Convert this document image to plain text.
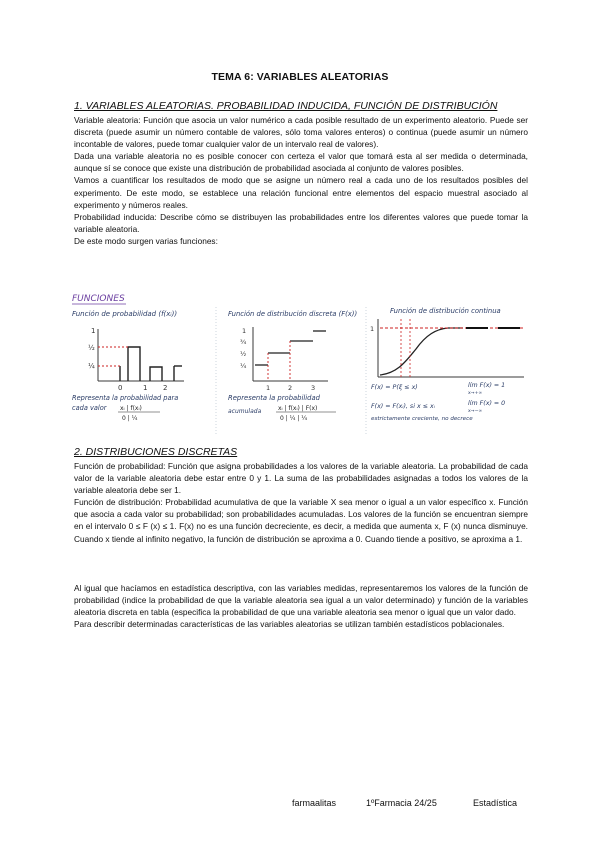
TEMA 6: VARIABLES ALEATORIAS
1. VARIABLES ALEATORIAS. PROBABILIDAD INDUCIDA, FUNCIÓN DE DISTRIBUCIÓN

Variable aleatoria: Función que asocia un valor numérico a cada posible resultado de un experimento aleatorio. Puede ser discreta (puede asumir un número contable de valores, sólo toma valores enteros) o continua (puede asumir un número incontable de valores, puede tomar cualquier valor de un intervalo real de valores).

Dada una variable aleatoria no es posible conocer con certeza el valor que tomará esta al ser medida o determinada, aunque sí se conoce que existe una distribución de probabilidad asociada al conjunto de valores posibles.

Vamos a cuantificar los resultados de modo que se asigne un número real a cada uno de los resultados posibles del experimento. De este modo, se establece una relación funcional entre elementos del espacio muestral asociado al experimento y números reales.

Probabilidad inducida: Describe cómo se distribuyen las probabilidades entre los diferentes valores que puede tomar la variable aleatoria.

De este modo surgen varias funciones:

FUNCIONES
Función de probabilidad (f(xᵢ))
1
½
¼
0	1 2
Representa la probabilidad para
cada valor xᵢ | f(xᵢ)
0 | ¼
Función de distribución discreta (F(x))
1
¾
½
¼
1	2	3
Representa la probabilidad
acumulada	xᵢ | f(xᵢ) | F(x)
0 | ¼ | ¼
Función de distribución continua
1
F(x) = P(ξ ≤ x)
F(x) = F(xᵢ), si x ≤ xᵢ
estrictamente creciente, no decrece
lím F(x) = 1
x→+∞
lím F(x) = 0
x→−∞
2. DISTRIBUCIONES DISCRETAS

Función de probabilidad: Función que asigna probabilidades a los valores de la variable aleatoria. La probabilidad de cada valor de la variable aleatoria debe estar entre 0 y 1. La suma de las probabilidades asignadas a todos los valores de la variable aleatoria debe ser 1.

Función de distribución: Probabilidad acumulativa de que la variable X sea menor o igual a un valor específico x. Función que asocia a cada valor su probabilidad; son probabilidades acumuladas. Los valores de la función se encuentran siempre en el intervalo 0 ≤ F (x) ≤ 1. F(x) no es una función decreciente, es decir, a medida que aumenta x, F (x) nunca disminuye. Cuando x tiende al infinito negativo, la función de distribución se aproxima a 0. Cuando tiende a positivo, se aproxima a 1.

Al igual que hacíamos en estadística descriptiva, con las variables medidas, representaremos los valores de la función de probabilidad (indice la probabilidad de que la variable aleatoria sea igual a un valor determinado) y función de la variables aleatoria discreta en tabla (especifica la probabilidad de que una variable aleatoria sea menor o igual que un valor dado.

Para describir determinadas características de las variables aleatorias se utilizan también estadísticos poblacionales.

farmaalitas	1ºFarmacia 24/25	Estadística
